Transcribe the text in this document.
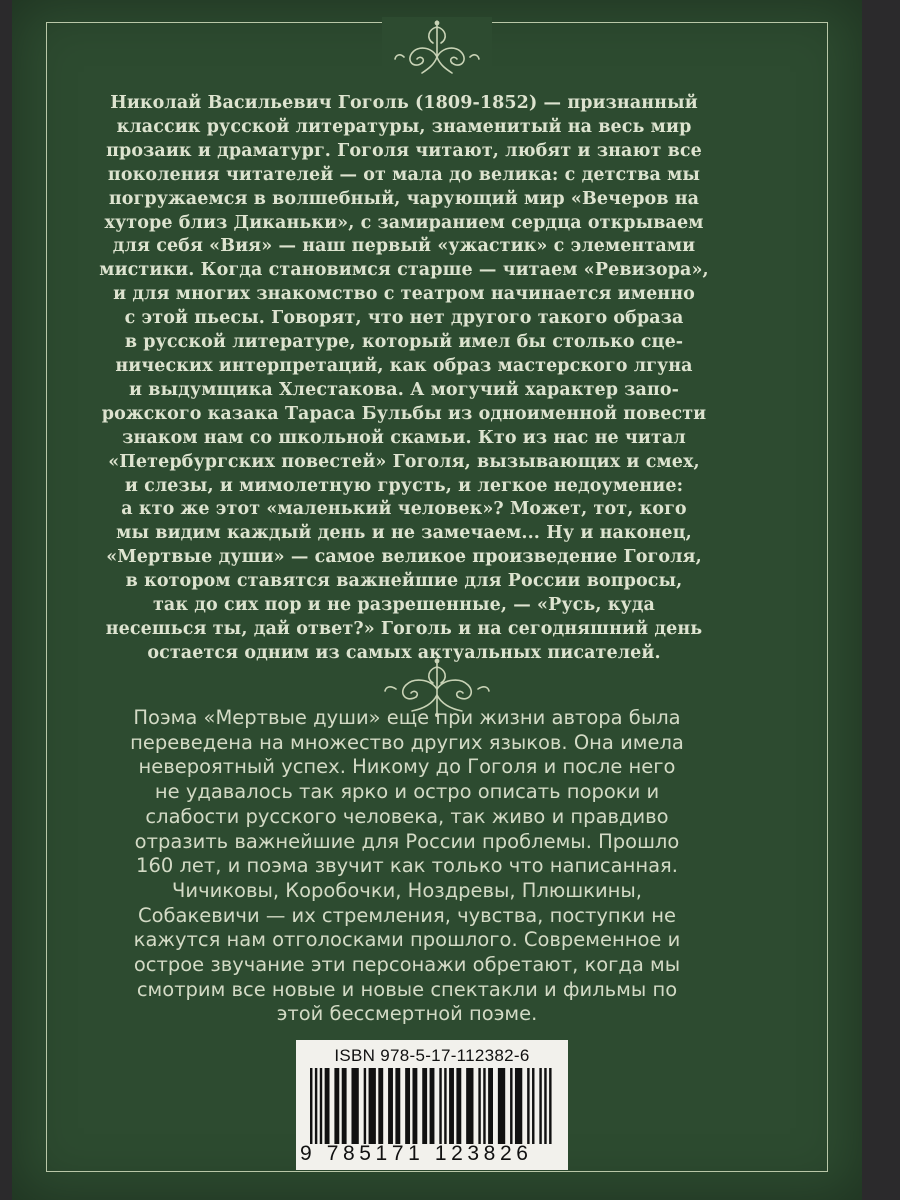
Николай Васильевич Гоголь (1809-1852) — признанный
классик русской литературы, знаменитый на весь мир
прозаик и драматург. Гоголя читают, любят и знают все
поколения читателей — от мала до велика: с детства мы
погружаемся в волшебный, чарующий мир «Вечеров на
хуторе близ Диканьки», с замиранием сердца открываем
для себя «Вия» — наш первый «ужастик» с элементами
мистики. Когда становимся старше — читаем «Ревизора»,
и для многих знакомство с театром начинается именно
с этой пьесы. Говорят, что нет другого такого образа
в русской литературе, который имел бы столько сце-
нических интерпретаций, как образ мастерского лгуна
и выдумщика Хлестакова. А могучий характер запо-
рожского казака Тараса Бульбы из одноименной повести
знаком нам со школьной скамьи. Кто из нас не читал
«Петербургских повестей» Гоголя, вызывающих и смех,
и слезы, и мимолетную грусть, и легкое недоумение:
а кто же этот «маленький человек»? Может, тот, кого
мы видим каждый день и не замечаем... Ну и наконец,
«Мертвые души» — самое великое произведение Гоголя,
в котором ставятся важнейшие для России вопросы,
так до сих пор и не разрешенные, — «Русь, куда
несешься ты, дай ответ?» Гоголь и на сегодняшний день
остается одним из самых актуальных писателей.

Поэма «Мертвые души» еще при жизни автора была
переведена на множество других языков. Она имела
невероятный успех. Никому до Гоголя и после него
не удавалось так ярко и остро описать пороки и
слабости русского человека, так живо и правдиво
отразить важнейшие для России проблемы. Прошло
160 лет, и поэма звучит как только что написанная.
Чичиковы, Коробочки, Ноздревы, Плюшкины,
Собакевичи — их стремления, чувства, поступки не
кажутся нам отголосками прошлого. Современное и
острое звучание эти персонажи обретают, когда мы
смотрим все новые и новые спектакли и фильмы по
этой бессмертной поэме.

ISBN 978-5-17-112382-6
9 785171 123826
